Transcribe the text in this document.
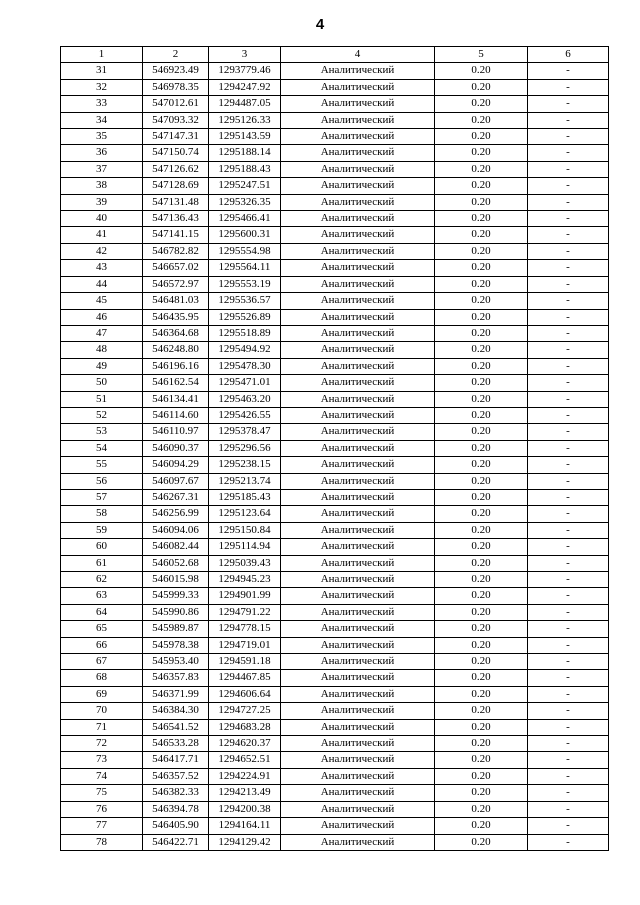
4
1	2	3	4	5	6
31	546923.49	1293779.46	Аналитический	0.20	-
32	546978.35	1294247.92	Аналитический	0.20	-
33	547012.61	1294487.05	Аналитический	0.20	-
34	547093.32	1295126.33	Аналитический	0.20	-
35	547147.31	1295143.59	Аналитический	0.20	-
36	547150.74	1295188.14	Аналитический	0.20	-
37	547126.62	1295188.43	Аналитический	0.20	-
38	547128.69	1295247.51	Аналитический	0.20	-
39	547131.48	1295326.35	Аналитический	0.20	-
40	547136.43	1295466.41	Аналитический	0.20	-
41	547141.15	1295600.31	Аналитический	0.20	-
42	546782.82	1295554.98	Аналитический	0.20	-
43	546657.02	1295564.11	Аналитический	0.20	-
44	546572.97	1295553.19	Аналитический	0.20	-
45	546481.03	1295536.57	Аналитический	0.20	-
46	546435.95	1295526.89	Аналитический	0.20	-
47	546364.68	1295518.89	Аналитический	0.20	-
48	546248.80	1295494.92	Аналитический	0.20	-
49	546196.16	1295478.30	Аналитический	0.20	-
50	546162.54	1295471.01	Аналитический	0.20	-
51	546134.41	1295463.20	Аналитический	0.20	-
52	546114.60	1295426.55	Аналитический	0.20	-
53	546110.97	1295378.47	Аналитический	0.20	-
54	546090.37	1295296.56	Аналитический	0.20	-
55	546094.29	1295238.15	Аналитический	0.20	-
56	546097.67	1295213.74	Аналитический	0.20	-
57	546267.31	1295185.43	Аналитический	0.20	-
58	546256.99	1295123.64	Аналитический	0.20	-
59	546094.06	1295150.84	Аналитический	0.20	-
60	546082.44	1295114.94	Аналитический	0.20	-
61	546052.68	1295039.43	Аналитический	0.20	-
62	546015.98	1294945.23	Аналитический	0.20	-
63	545999.33	1294901.99	Аналитический	0.20	-
64	545990.86	1294791.22	Аналитический	0.20	-
65	545989.87	1294778.15	Аналитический	0.20	-
66	545978.38	1294719.01	Аналитический	0.20	-
67	545953.40	1294591.18	Аналитический	0.20	-
68	546357.83	1294467.85	Аналитический	0.20	-
69	546371.99	1294606.64	Аналитический	0.20	-
70	546384.30	1294727.25	Аналитический	0.20	-
71	546541.52	1294683.28	Аналитический	0.20	-
72	546533.28	1294620.37	Аналитический	0.20	-
73	546417.71	1294652.51	Аналитический	0.20	-
74	546357.52	1294224.91	Аналитический	0.20	-
75	546382.33	1294213.49	Аналитический	0.20	-
76	546394.78	1294200.38	Аналитический	0.20	-
77	546405.90	1294164.11	Аналитический	0.20	-
78	546422.71	1294129.42	Аналитический	0.20	-
